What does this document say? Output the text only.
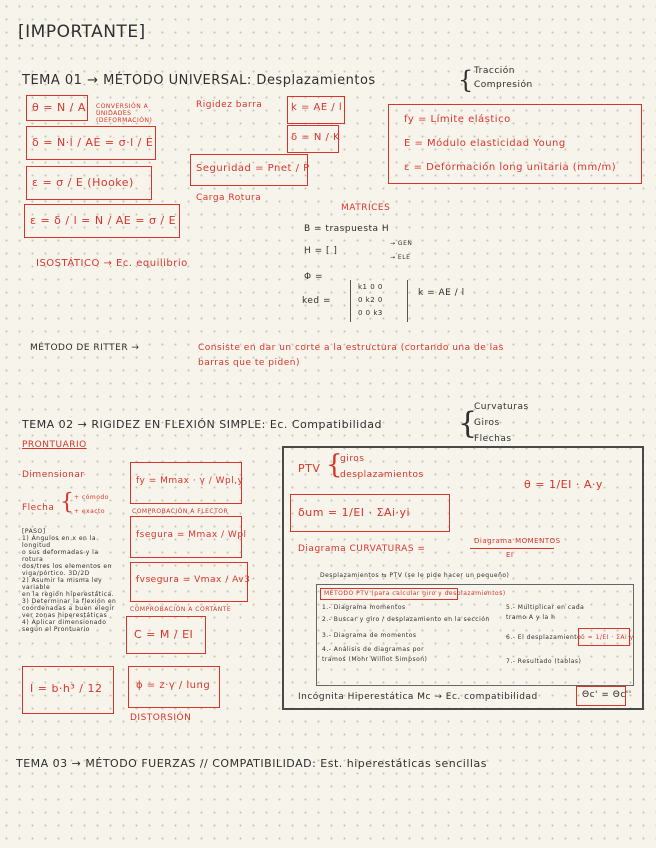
[IMPORTANTE]
TEMA 01 → MÉTODO UNIVERSAL: Desplazamientos	{ Tracción
Compresión
θ = N / A CONVERSIÓN A UNIDADES (DEFORMACIÓN)
δ = N·l / AE = σ·l / E
ε = σ / E (Hooke)
ε = δ / l = N / AE = σ / E
Rigidez barra	k = AE / l
δ = N / K
Seguridad = Pnet / P
Carga Rotura
fy = Límite elástico
E = Módulo elasticidad Young
ε = Deformación long unitaria (mm/m)
MATRICES
B = traspuesta H
H = [ ]
→ GEN
→ ELE
Φ =
ked =
k1 0 0
0 k2 0
0 0 k3
k = AE / l
ISOSTÁTICO → Ec. equilibrio
MÉTODO DE RITTER →	Consiste en dar un corte a la estructura (cortando una de las
barras que te piden)
TEMA 02 → RIGIDEZ EN FLEXIÓN SIMPLE: Ec. Compatibilidad	{
Curvaturas
Giros
Flechas
PRONTUARIO
Dimensionar
Flecha { + cómodo
+ exacto
[PASO]
1) Ángulos en x en la longitud
o sus deformadas y la rotura
dos/tres los elementos en
viga/pórtico. 3D/2D
2) Asumir la misma ley variable
en la región hiperestática.
3) Determinar la flexión en
coordenadas a buen elegir
ver zonas hiperestáticas
4) Aplicar dimensionado
según el Prontuario
fy = Mmax · γ / Wpl,y
COMPROBACIÓN A FLECTOR
fsegura = Mmax / Wpl
fvsegura = Vmax / Av3
COMPROBACIÓN A CORTANTE
C = M / EI
I = b·h³ / 12	ϕ = z·γ / lung
DISTORSIÓN
PTV {
giros
desplazamientos
θ = 1/EI · A·y
δum = 1/EI · ΣAi·yi
Diagrama CURVATURAS =
Diagrama MOMENTOS
EI
Desplazamientos ⇆ PTV (se le pide hacer un pequeño)
MÉTODO PTV (para calcular giro y desplazamientos)
1.- Diagrama momentos
2.- Buscar y giro / desplazamiento en la sección
3.- Diagrama de momentos
4.- Análisis de diagramas por
tramos (Mohr Williot Simpson)
5.- Multiplicar en cada
tramo A y la h
6.- El desplazamiento δ = 1/EI · ΣAi·y
7.- Resultado (tablas)
Incógnita Hiperestática Mc → Ec. compatibilidad	Θc' = Θc''
TEMA 03 → MÉTODO FUERZAS // COMPATIBILIDAD: Est. hiperestáticas sencillas
